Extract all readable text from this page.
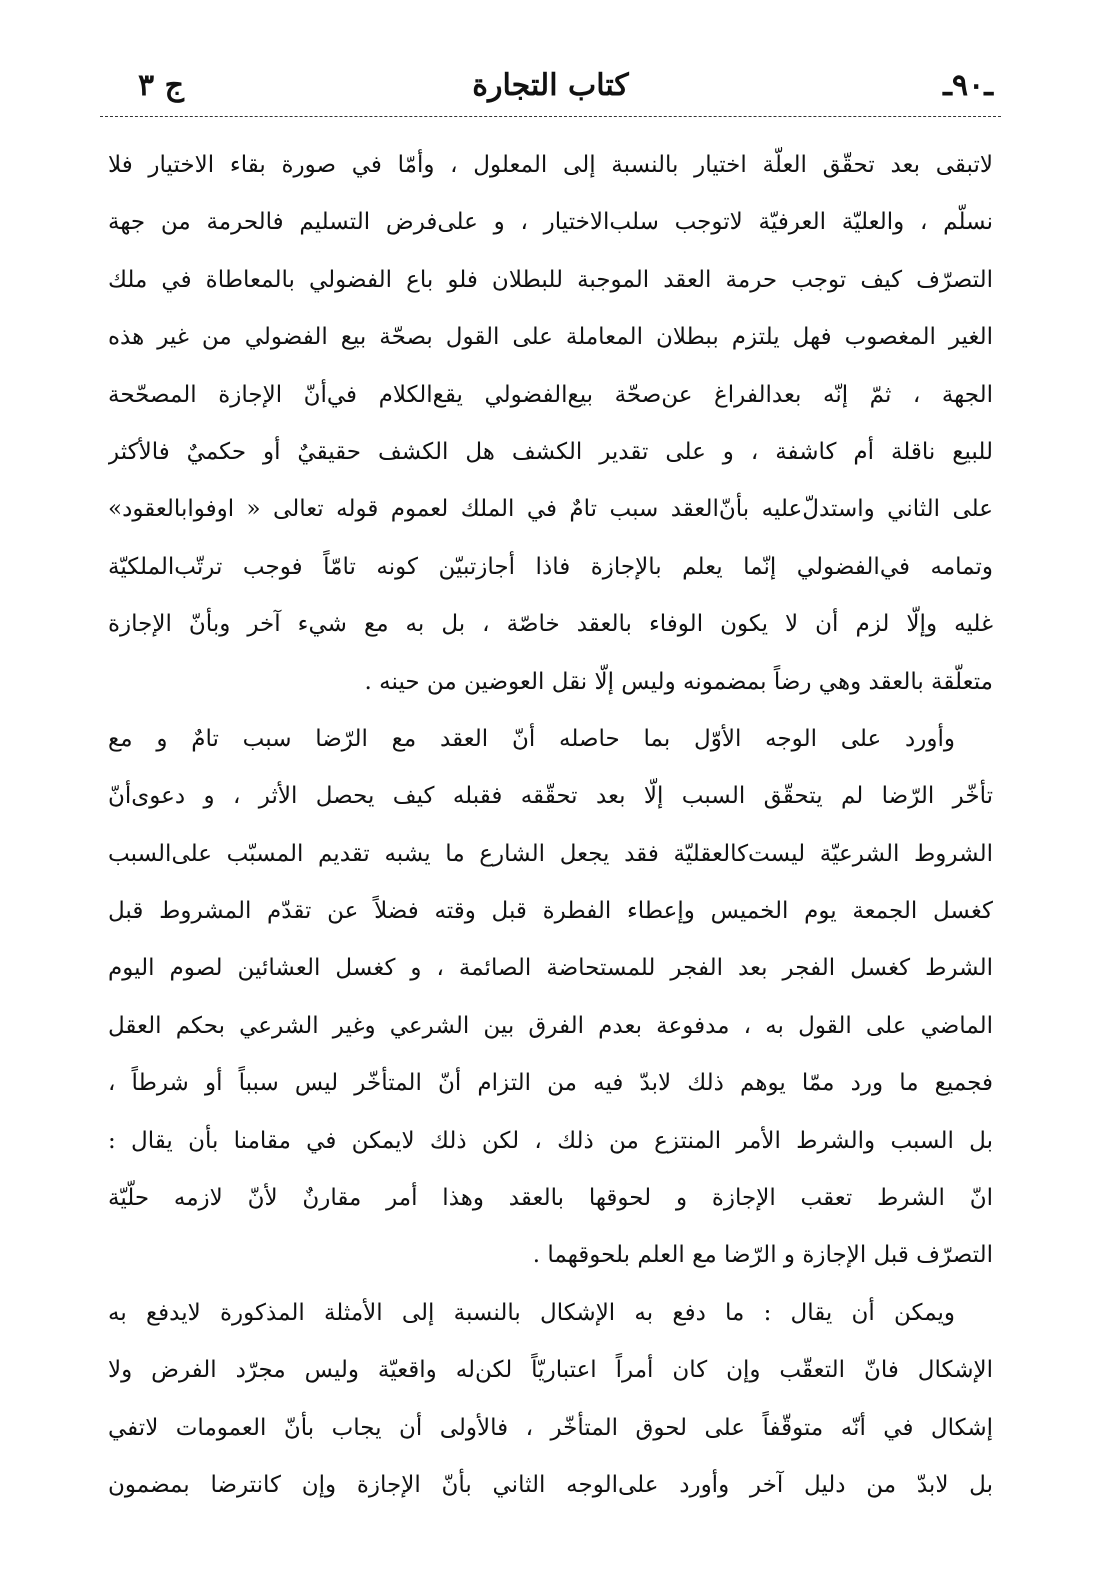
ـ٩٠ـ
كتاب التجارة
ج ٣
لاتبقى بعد تحقّق العلّة اختيار بالنسبة إلى المعلول ، وأمّا في صورة بقاء الاختيار فلا
نسلّم ، والعليّة العرفيّة لاتوجب سلب‌الاختيار ، و على‌فرض التسليم فالحرمة من جهة
التصرّف كيف توجب حرمة العقد الموجبة للبطلان فلو باع الفضولي بالمعاطاة في ملك
الغير المغصوب فهل يلتزم ببطلان المعاملة على القول بصحّة بيع الفضولي من غير هذه
الجهة ، ثمّ إنّه بعدالفراغ عن‌صحّة بيع‌الفضولي يقع‌الكلام في‌أنّ الإجازة المصحّحة
للبيع ناقلة أم كاشفة ، و على تقدير الكشف هل الكشف حقيقيٌ أو حكميٌ فالأكثر
على الثاني واستدلّ‌عليه بأنّ‌العقد سبب تامٌ في الملك لعموم قوله تعالى « اوفوابالعقود»
وتمامه في‌الفضولي إنّما يعلم بالإجازة فاذا أجازتبيّن كونه تامّاً فوجب ترتّب‌الملكيّة
غليه وإلّا لزم أن لا يكون الوفاء بالعقد خاصّة ، بل به مع شيء آخر وبأنّ الإجازة
متعلّقة بالعقد وهي رضاً بمضمونه وليس إلّا نقل العوضين من حينه .
وأورد على الوجه الأوّل بما حاصله أنّ العقد مع الرّضا سبب تامٌ و مع
تأخّر الرّضا لم يتحقّق السبب إلّا بعد تحقّقه فقبله كيف يحصل الأثر ، و دعوى‌أنّ
الشروط الشرعيّة ليست‌كالعقليّة فقد يجعل الشارع ما يشبه تقديم المسبّب على‌السبب
كغسل الجمعة يوم الخميس وإعطاء الفطرة قبل وقته فضلاً عن تقدّم المشروط قبل
الشرط كغسل الفجر بعد الفجر للمستحاضة الصائمة ، و كغسل العشائين لصوم اليوم
الماضي على القول به ، مدفوعة بعدم الفرق بين الشرعي وغير الشرعي بحكم العقل
فجميع ما ورد ممّا يوهم ذلك لابدّ فيه من التزام أنّ المتأخّر ليس سبباً أو شرطاً ،
بل السبب والشرط الأمر المنتزع من ذلك ، لكن ذلك لايمكن في مقامنا بأن يقال :
انّ الشرط تعقب الإجازة و لحوقها بالعقد وهذا أمر مقارنٌ لأنّ لازمه حلّيّة
التصرّف قبل الإجازة و الرّضا مع العلم بلحوقهما .
ويمكن أن يقال : ما دفع به الإشكال بالنسبة إلى الأمثلة المذكورة لايدفع به
الإشكال فانّ التعقّب وإن كان أمراً اعتباريّاً لكن‌له واقعيّة وليس مجرّد الفرض ولا
إشكال في أنّه متوقّفاً على لحوق المتأخّر ، فالأولى أن يجاب بأنّ العمومات لاتفي
بل لابدّ من دليل آخر وأورد على‌الوجه الثاني بأنّ الإجازة وإن كانترضا بمضمون
